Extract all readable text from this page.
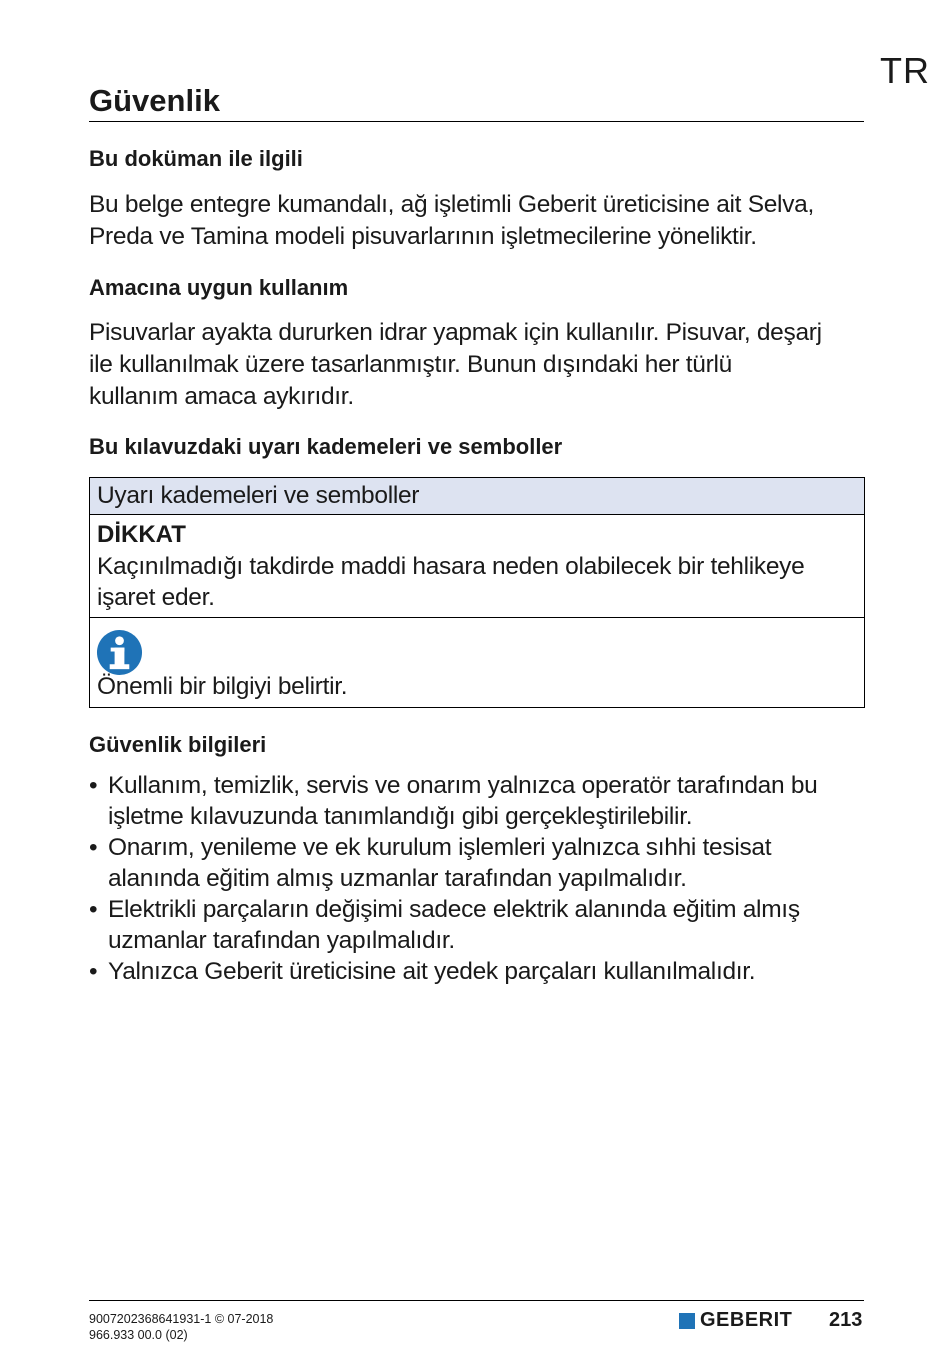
TR
Güvenlik
Bu doküman ile ilgili
Bu belge entegre kumandalı, ağ işletimli Geberit üreticisine ait Selva,
Preda ve Tamina modeli pisuvarlarının işletmecilerine yöneliktir.
Amacına uygun kullanım
Pisuvarlar ayakta dururken idrar yapmak için kullanılır. Pisuvar, deşarj
ile kullanılmak üzere tasarlanmıştır. Bunun dışındaki her türlü
kullanım amaca aykırıdır.
Bu kılavuzdaki uyarı kademeleri ve semboller
Uyarı kademeleri ve semboller
DİKKAT
Kaçınılmadığı takdirde maddi hasara neden olabilecek bir tehlikeye
işaret eder.
Önemli bir bilgiyi belirtir.
Güvenlik bilgileri
• Kullanım, temizlik, servis ve onarım yalnızca operatör tarafından bu
işletme kılavuzunda tanımlandığı gibi gerçekleştirilebilir.
• Onarım, yenileme ve ek kurulum işlemleri yalnızca sıhhi tesisat
alanında eğitim almış uzmanlar tarafından yapılmalıdır.
• Elektrikli parçaların değişimi sadece elektrik alanında eğitim almış
uzmanlar tarafından yapılmalıdır.
• Yalnızca Geberit üreticisine ait yedek parçaları kullanılmalıdır.
9007202368641931-1 © 07-2018
966.933 00.0 (02)
GEBERIT 213
